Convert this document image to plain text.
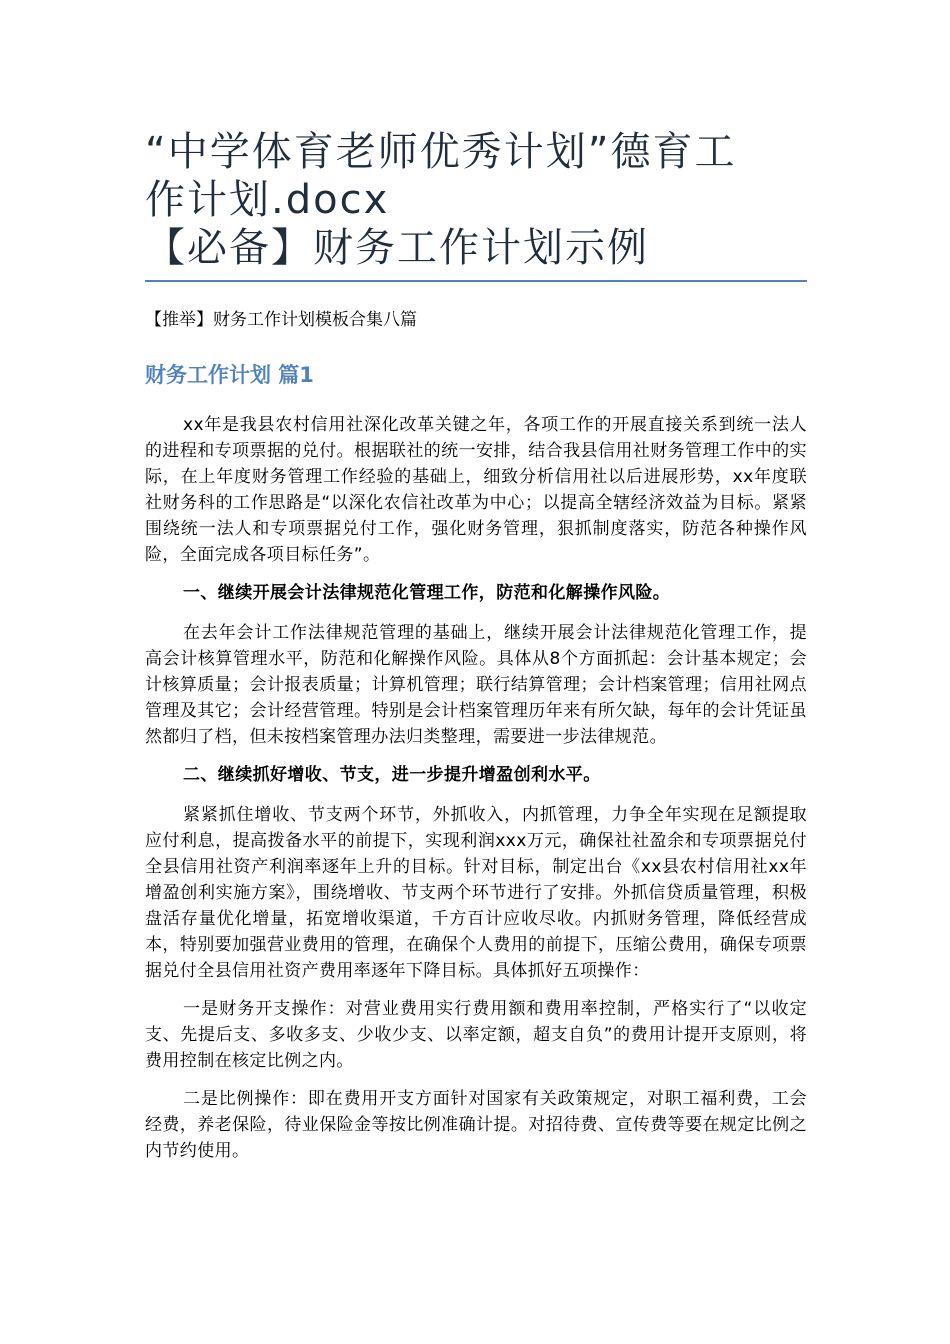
“中学体育老师优秀计划”德育工
作计划.docx
【必备】财务工作计划示例
【推举】财务工作计划模板合集八篇
财务工作计划 篇1

xx年是我县农村信用社深化改革关键之年，各项工作的开展直接关系到统一法人的进程和专项票据的兑付。根据联社的统一安排，结合我县信用社财务管理工作中的实际，在上年度财务管理工作经验的基础上，细致分析信用社以后进展形势，xx年度联社财务科的工作思路是“以深化农信社改革为中心；以提高全辖经济效益为目标。紧紧围绕统一法人和专项票据兑付工作，强化财务管理，狠抓制度落实，防范各种操作风险，全面完成各项目标任务”。

一、继续开展会计法律规范化管理工作，防范和化解操作风险。

在去年会计工作法律规范管理的基础上，继续开展会计法律规范化管理工作，提高会计核算管理水平，防范和化解操作风险。具体从8个方面抓起：会计基本规定；会计核算质量；会计报表质量；计算机管理；联行结算管理；会计档案管理；信用社网点管理及其它；会计经营管理。特别是会计档案管理历年来有所欠缺，每年的会计凭证虽然都归了档，但未按档案管理办法归类整理，需要进一步法律规范。

二、继续抓好增收、节支，进一步提升增盈创利水平。

紧紧抓住增收、节支两个环节，外抓收入，内抓管理，力争全年实现在足额提取应付利息，提高拨备水平的前提下，实现利润xxx万元，确保社社盈余和专项票据兑付全县信用社资产利润率逐年上升的目标。针对目标，制定出台《xx县农村信用社xx年增盈创利实施方案》，围绕增收、节支两个环节进行了安排。外抓信贷质量管理，积极盘活存量优化增量，拓宽增收渠道，千方百计应收尽收。内抓财务管理，降低经营成本，特别要加强营业费用的管理，在确保个人费用的前提下，压缩公费用，确保专项票据兑付全县信用社资产费用率逐年下降目标。具体抓好五项操作：

一是财务开支操作：对营业费用实行费用额和费用率控制，严格实行了“以收定支、先提后支、多收多支、少收少支、以率定额，超支自负”的费用计提开支原则，将费用控制在核定比例之内。

二是比例操作：即在费用开支方面针对国家有关政策规定，对职工福利费，工会经费，养老保险，待业保险金等按比例准确计提。对招待费、宣传费等要在规定比例之内节约使用。
